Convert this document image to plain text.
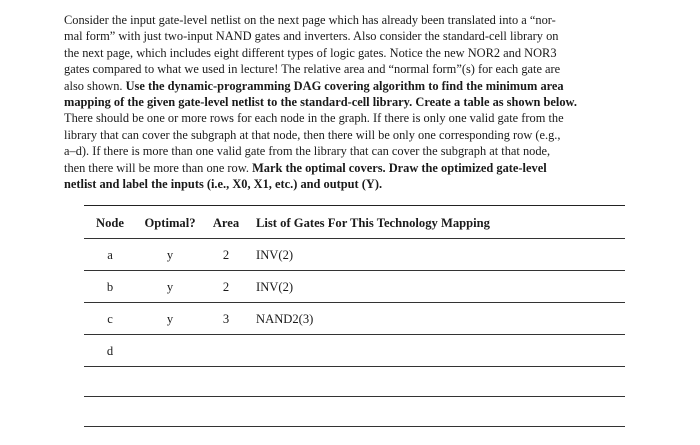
Consider the input gate-level netlist on the next page which has already been translated into a “nor-
mal form” with just two-input NAND gates and inverters. Also consider the standard-cell library on
the next page, which includes eight different types of logic gates. Notice the new NOR2 and NOR3
gates compared to what we used in lecture! The relative area and “normal form”(s) for each gate are
also shown. Use the dynamic-programming DAG covering algorithm to find the minimum area
mapping of the given gate-level netlist to the standard-cell library. Create a table as shown below.
There should be one or more rows for each node in the graph. If there is only one valid gate from the
library that can cover the subgraph at that node, then there will be only one corresponding row (e.g.,
a–d). If there is more than one valid gate from the library that can cover the subgraph at that node,
then there will be more than one row. Mark the optimal covers. Draw the optimized gate-level
netlist and label the inputs (i.e., X0, X1, etc.) and output (Y).
Node	Optimal?	Area	List of Gates For This Technology Mapping
a	y	2	INV(2)
b	y	2	INV(2)
c	y	3	NAND2(3)
d
